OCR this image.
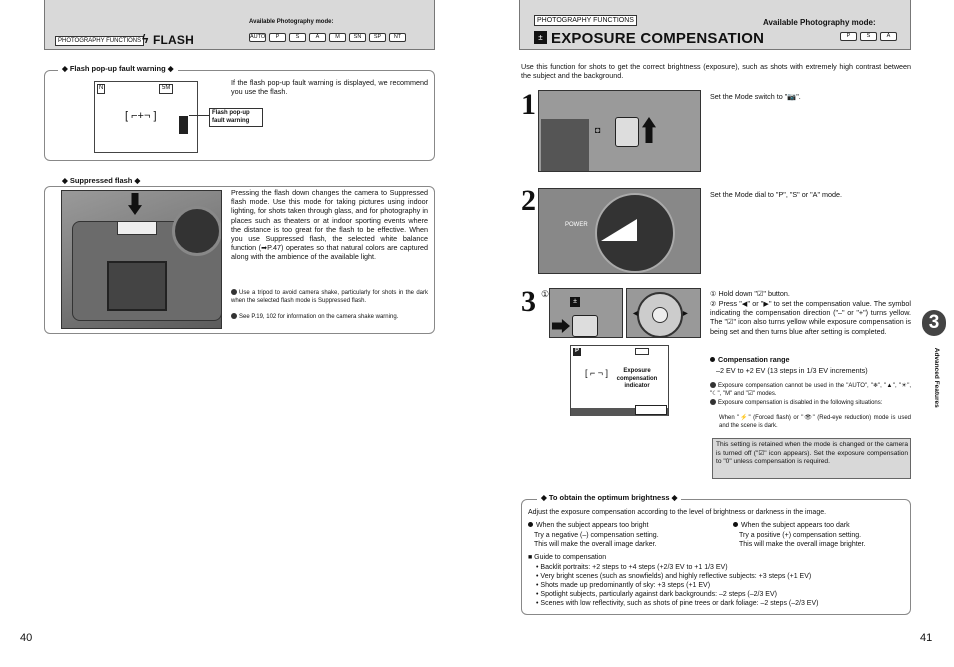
PHOTOGRAPHY FUNCTIONS ϟ FLASH
Available Photography mode:
AUTO	P	S	A	M	SN	SP	NT
◆ Flash pop-up fault warning ◆
N	5M
[ ⌐+¬ ]	Flash pop-up fault warning

If the flash pop-up fault warning is displayed, we recommend you use the flash.

◆ Suppressed flash ◆

Pressing the flash down changes the camera to Suppressed flash mode. Use this mode for taking pictures using indoor lighting, for shots taken through glass, and for photography in places such as theaters or at indoor sporting events where the distance is too great for the flash to be effective. When you use Suppressed flash, the selected white balance function (➡P.47) operates so that natural colors are captured along with the ambience of the available light.

Use a tripod to avoid camera shake, particularly for shots in the dark when the selected flash mode is Suppressed flash.

See P.19, 102 for information on the camera shake warning.

40
PHOTOGRAPHY FUNCTIONS
± EXPOSURE COMPENSATION
Available Photography mode:
P	S	A

Use this function for shots to get the correct brightness (exposure), such as shots with extremely high contrast between the subject and the background.

1
◘

Set the Mode switch to "📷".

2
POWER

Set the Mode dial to "P", "S" or "A" mode.

3 ①
±
◀	▶
P
[ ⌐ ¬ ]	Exposure compensation indicator

① Hold down "☑" button.

② Press "◀" or "▶" to set the compensation value. The symbol indicating the compensation direction ("–" or "+") turns yellow. The "☑" icon also turns yellow while exposure compensation is being set and then turns blue after setting is completed.

Compensation range

–2 EV to +2 EV (13 steps in 1/3 EV increments)

Exposure compensation cannot be used in the "AUTO", "❄", "▲", "☀", "☾", "M" and "☑" modes.

Exposure compensation is disabled in the following situations:

When "⚡" (Forced flash) or "👁" (Red-eye reduction) mode is used and the scene is dark.

This setting is retained when the mode is changed or the camera is turned off ("☑" icon appears). Set the exposure compensation to "0" unless compensation is required.

◆ To obtain the optimum brightness ◆

Adjust the exposure compensation according to the level of brightness or darkness in the image.

When the subject appears too bright

Try a negative (–) compensation setting.

This will make the overall image darker.

When the subject appears too dark

Try a positive (+) compensation setting.

This will make the overall image brighter.

■ Guide to compensation

• Backlit portraits: +2 steps to +4 steps (+2/3 EV to +1 1/3 EV)
• Very bright scenes (such as snowfields) and highly reflective subjects: +3 steps (+1 EV)
• Shots made up predominantly of sky: +3 steps (+1 EV)
• Spotlight subjects, particularly against dark backgrounds: –2 steps (–2/3 EV)
• Scenes with low reflectivity, such as shots of pine trees or dark foliage: –2 steps (–2/3 EV)
3
Advanced Features
41
